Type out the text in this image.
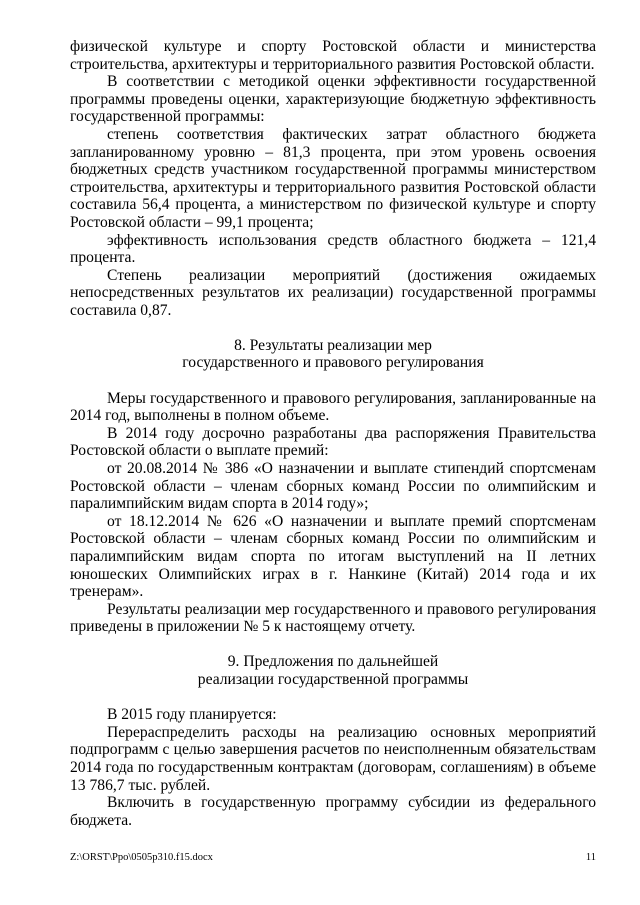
физической культуре и спорту Ростовской области и министерства строительства, архитектуры и территориального развития Ростовской области.

В соответствии с методикой оценки эффективности государственной программы проведены оценки, характеризующие бюджетную эффективность государственной программы:

степень соответствия фактических затрат областного бюджета запланированному уровню – 81,3 процента, при этом уровень освоения бюджетных средств участником государственной программы министерством строительства, архитектуры и территориального развития Ростовской области составила 56,4 процента, а министерством по физической культуре и спорту Ростовской области – 99,1 процента;

эффективность использования средств областного бюджета – 121,4 процента.

Степень реализации мероприятий (достижения ожидаемых непосредственных результатов их реализации) государственной программы составила 0,87.

8. Результаты реализации мер

государственного и правового регулирования

Меры государственного и правового регулирования, запланированные на 2014 год, выполнены в полном объеме.

В 2014 году досрочно разработаны два распоряжения Правительства Ростовской области о выплате премий:

от 20.08.2014 № 386 «О назначении и выплате стипендий спортсменам Ростовской области – членам сборных команд России по олимпийским и паралимпийским видам спорта в 2014 году»;

от 18.12.2014 № 626 «О назначении и выплате премий спортсменам Ростовской области – членам сборных команд России по олимпийским и паралимпийским видам спорта по итогам выступлений на II летних юношеских Олимпийских играх в г. Нанкине (Китай) 2014 года и их тренерам».

Результаты реализации мер государственного и правового регулирования приведены в приложении № 5 к настоящему отчету.

9. Предложения по дальнейшей

реализации государственной программы

В 2015 году планируется:

Перераспределить расходы на реализацию основных мероприятий подпрограмм с целью завершения расчетов по неисполненным обязательствам 2014 года по государственным контрактам (договорам, соглашениям) в объеме 13 786,7 тыс. рублей.

Включить в государственную программу субсидии из федерального бюджета.

Z:\ORST\Ppo\0505p310.f15.docx	11
